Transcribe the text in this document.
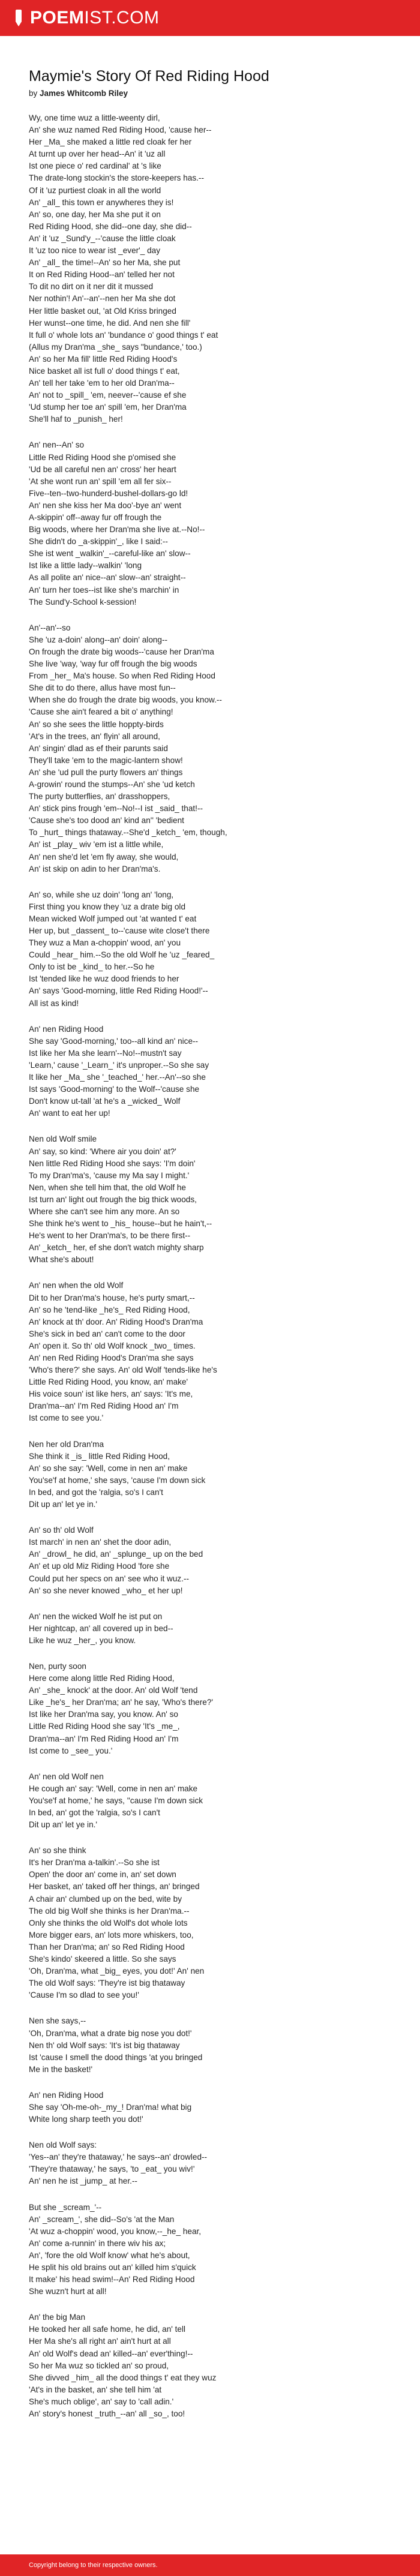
POEMIST.COM
Maymie's Story Of Red Riding Hood
by James Whitcomb Riley
Wy, one time wuz a little-weenty dirl,
An' she wuz named Red Riding Hood, 'cause her--
Her _Ma_ she maked a little red cloak fer her
At turnt up over her head--An' it 'uz all
Ist one piece o' red cardinal' at 's like
The drate-long stockin's the store-keepers has.--
Of it 'uz purtiest cloak in all the world
An' _all_ this town er anywheres they is!
An' so, one day, her Ma she put it on
Red Riding Hood, she did--one day, she did--
An' it 'uz _Sund'y_--'cause the little cloak
It 'uz too nice to wear ist _ever'_ day
An' _all_ the time!--An' so her Ma, she put
It on Red Riding Hood--an' telled her not
To dit no dirt on it ner dit it mussed
Ner nothin'! An'--an'--nen her Ma she dot
Her little basket out, 'at Old Kriss bringed
Her wunst--one time, he did. And nen she fill'
It full o' whole lots an' 'bundance o' good things t' eat
(Allus my Dran'ma _she_ says "bundance,' too.)
An' so her Ma fill' little Red Riding Hood's
Nice basket all ist full o' dood things t' eat,
An' tell her take 'em to her old Dran'ma--
An' not to _spill_ 'em, neever--'cause ef she
'Ud stump her toe an' spill 'em, her Dran'ma
She'll haf to _punish_ her!
An' nen--An' so
Little Red Riding Hood she p'omised she
'Ud be all careful nen an' cross' her heart
'At she wont run an' spill 'em all fer six--
Five--ten--two-hunderd-bushel-dollars-go ld!
An' nen she kiss her Ma doo'-bye an' went
A-skippin' off--away fur off frough the
Big woods, where her Dran'ma she live at.--No!--
She didn't do _a-skippin'_, like I said:--
She ist went _walkin'_--careful-like an' slow--
Ist like a little lady--walkin' 'long
As all polite an' nice--an' slow--an' straight--
An' turn her toes--ist like she's marchin' in
The Sund'y-School k-session!
An'--an'--so
She 'uz a-doin' along--an' doin' along--
On frough the drate big woods--'cause her Dran'ma
She live 'way, 'way fur off frough the big woods
From _her_ Ma's house. So when Red Riding Hood
She dit to do there, allus have most fun--
When she do frough the drate big woods, you know.--
'Cause she ain't feared a bit o' anything!
An' so she sees the little hoppty-birds
'At's in the trees, an' flyin' all around,
An' singin' dlad as ef their parunts said
They'll take 'em to the magic-lantern show!
An' she 'ud pull the purty flowers an' things
A-growin' round the stumps--An' she 'ud ketch
The purty butterflies, an' drasshoppers,
An' stick pins frough 'em--No!--I ist _said_ that!--
'Cause she's too dood an' kind an'' 'bedient
To _hurt_ things thataway.--She'd _ketch_ 'em, though,
An' ist _play_ wiv 'em ist a little while,
An' nen she'd let 'em fly away, she would,
An' ist skip on adin to her Dran'ma's.
An' so, while she uz doin' 'long an' 'long,
First thing you know they 'uz a drate big old
Mean wicked Wolf jumped out 'at wanted t' eat
Her up, but _dassent_ to--'cause wite close't there
They wuz a Man a-choppin' wood, an' you
Could _hear_ him.--So the old Wolf he 'uz _feared_
Only to ist be _kind_ to her.--So he
Ist 'tended like he wuz dood friends to her
An' says 'Good-morning, little Red Riding Hood!'--
All ist as kind!
An' nen Riding Hood
She say 'Good-morning,' too--all kind an' nice--
Ist like her Ma she learn'--No!--mustn't say
'Learn,' cause '_Learn_' it's unproper.--So she say
It like her _Ma_ she '_teached_' her.--An'--so she
Ist says 'Good-morning' to the Wolf--'cause she
Don't know ut-tall 'at he's a _wicked_ Wolf
An' want to eat her up!
Nen old Wolf smile
An' say, so kind: 'Where air you doin' at?'
Nen little Red Riding Hood she says: 'I'm doin'
To my Dran'ma's, 'cause my Ma say I might.'
Nen, when she tell him that, the old Wolf he
Ist turn an' light out frough the big thick woods,
Where she can't see him any more. An so
She think he's went to _his_ house--but he hain't,--
He's went to her Dran'ma's, to be there first--
An' _ketch_ her, ef she don't watch mighty sharp
What she's about!
An' nen when the old Wolf
Dit to her Dran'ma's house, he's purty smart,--
An' so he 'tend-like _he's_ Red Riding Hood,
An' knock at th' door. An' Riding Hood's Dran'ma
She's sick in bed an' can't come to the door
An' open it. So th' old Wolf knock _two_ times.
An' nen Red Riding Hood's Dran'ma she says
'Who's there?' she says. An' old Wolf 'tends-like he's
Little Red Riding Hood, you know, an' make'
His voice soun' ist like hers, an' says: 'It's me,
Dran'ma--an' I'm Red Riding Hood an' I'm
Ist come to see you.'
Nen her old Dran'ma
She think it _is_ little Red Riding Hood,
An' so she say: 'Well, come in nen an' make
You'se'f at home,' she says, 'cause I'm down sick
In bed, and got the 'ralgia, so's I can't
Dit up an' let ye in.'
An' so th' old Wolf
Ist march' in nen an' shet the door adin,
An' _drowl_ he did, an' _splunge_ up on the bed
An' et up old Miz Riding Hood 'fore she
Could put her specs on an' see who it wuz.--
An' so she never knowed _who_ et her up!
An' nen the wicked Wolf he ist put on
Her nightcap, an' all covered up in bed--
Like he wuz _her_, you know.
Nen, purty soon
Here come along little Red Riding Hood,
An' _she_ knock' at the door. An' old Wolf 'tend
Like _he's_ her Dran'ma; an' he say, 'Who's there?'
Ist like her Dran'ma say, you know. An' so
Little Red Riding Hood she say 'It's _me_,
Dran'ma--an' I'm Red Riding Hood an' I'm
Ist come to _see_ you.'
An' nen old Wolf nen
He cough an' say: 'Well, come in nen an' make
You'se'f at home,' he says, ''cause I'm down sick
In bed, an' got the 'ralgia, so's I can't
Dit up an' let ye in.'
An' so she think
It's her Dran'ma a-talkin'.--So she ist
Open' the door an' come in, an' set down
Her basket, an' taked off her things, an' bringed
A chair an' clumbed up on the bed, wite by
The old big Wolf she thinks is her Dran'ma.--
Only she thinks the old Wolf's dot whole lots
More bigger ears, an' lots more whiskers, too,
Than her Dran'ma; an' so Red Riding Hood
She's kindo' skeered a little. So she says
'Oh, Dran'ma, what _big_ eyes, you dot!' An' nen
The old Wolf says: 'They're ist big thataway
'Cause I'm so dlad to see you!'
Nen she says,--
'Oh, Dran'ma, what a drate big nose you dot!'
Nen th' old Wolf says: 'It's ist big thataway
Ist 'cause I smell the dood things 'at you bringed
Me in the basket!'
An' nen Riding Hood
She say 'Oh-me-oh-_my_! Dran'ma! what big
White long sharp teeth you dot!'
Nen old Wolf says:
'Yes--an' they're thataway,' he says--an' drowled--
'They're thataway,' he says, 'to _eat_ you wiv!'
An' nen he ist _jump_ at her.--
But she _scream_'--
An' _scream_', she did--So's 'at the Man
'At wuz a-choppin' wood, you know,--_he_ hear,
An' come a-runnin' in there wiv his ax;
An', 'fore the old Wolf know' what he's about,
He split his old brains out an' killed him s'quick
It make' his head swim!--An' Red Riding Hood
She wuzn't hurt at all!
An' the big Man
He tooked her all safe home, he did, an' tell
Her Ma she's all right an' ain't hurt at all
An' old Wolf's dead an' killed--an' ever'thing!--
So her Ma wuz so tickled an' so proud,
She divved _him_ all the dood things t' eat they wuz
'At's in the basket, an' she tell him 'at
She's much oblige', an' say to 'call adin.'
An' story's honest _truth_--an' all _so_, too!
Copyright belong to their respective owners.
